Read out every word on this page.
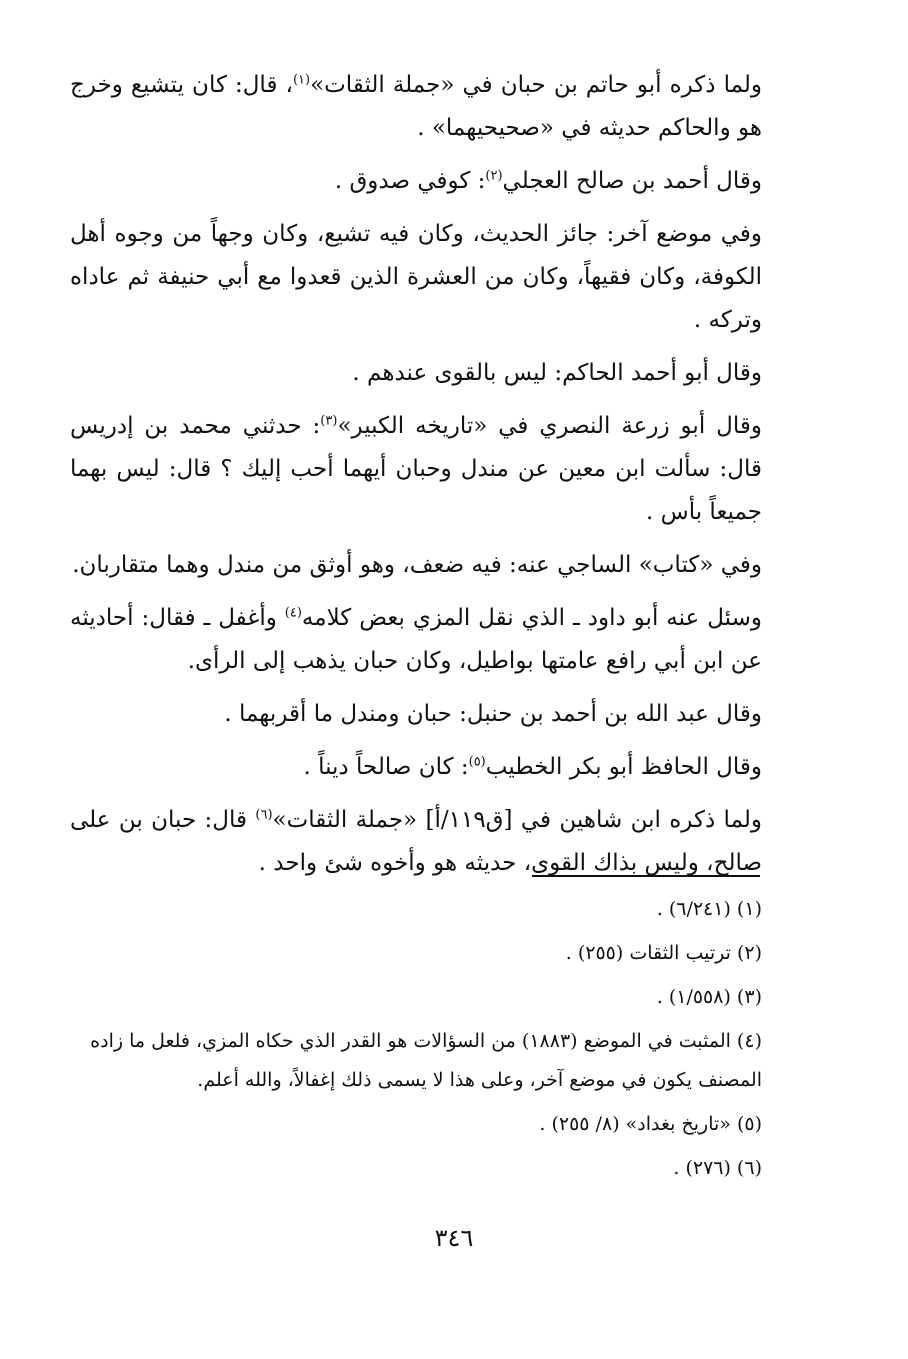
ولما ذكره أبو حاتم بن حبان في «جملة الثقات»$^{(١)}$، قال: كان يتشيع وخرج هو والحاكم حديثه في «صحيحيهما» .

وقال أحمد بن صالح العجلي$^{(٢)}$: كوفي صدوق .

وفي موضع آخر: جائز الحديث، وكان فيه تشيع، وكان وجهاً من وجوه أهل الكوفة، وكان فقيهاً، وكان من العشرة الذين قعدوا مع أبي حنيفة ثم عاداه وتركه .

وقال أبو أحمد الحاكم: ليس بالقوى عندهم .

وقال أبو زرعة النصري في «تاريخه الكبير»$^{(٣)}$: حدثني محمد بن إدريس قال: سألت ابن معين عن مندل وحبان أيهما أحب إليك ؟ قال: ليس بهما جميعاً بأس .

وفي «كتاب» الساجي عنه: فيه ضعف، وهو أوثق من مندل وهما متقاربان.

وسئل عنه أبو داود ـ الذي نقل المزي بعض كلامه$^{(٤)}$ وأغفل ـ فقال: أحاديثه عن ابن أبي رافع عامتها بواطيل، وكان حبان يذهب إلى الرأى.

وقال عبد الله بن أحمد بن حنبل: حبان ومندل ما أقربهما .

وقال الحافظ أبو بكر الخطيب$^{(٥)}$: كان صالحاً ديناً .

ولما ذكره ابن شاهين في [ق١١٩/أ] «جملة الثقات»$^{(٦)}$ قال: حبان بن على صالح، وليس بذاك القوى، حديثه هو وأخوه شئ واحد .

(١) (٦/٢٤١) .

(٢) ترتيب الثقات (٢٥٥) .

(٣) (١/٥٥٨) .

(٤) المثبت في الموضع (١٨٨٣) من السؤالات هو القدر الذي حكاه المزي، فلعل ما زاده المصنف يكون في موضع آخر، وعلى هذا لا يسمى ذلك إغفالاً، والله أعلم.

(٥) «تاريخ بغداد» (٨/ ٢٥٥) .

(٦) (٢٧٦) .

٣٤٦
